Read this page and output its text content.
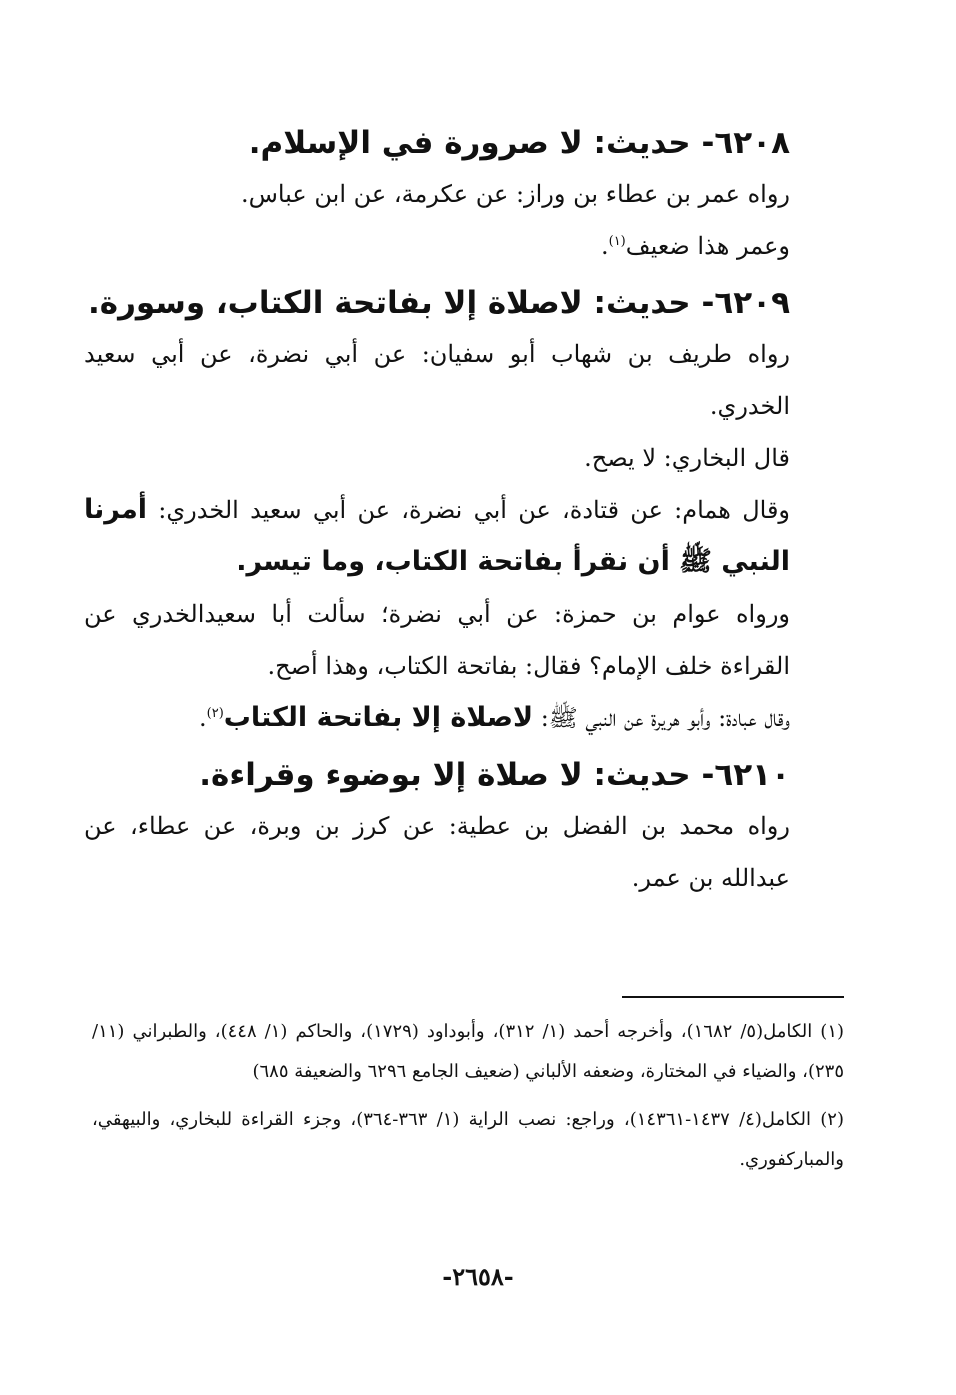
٦٢٠٨- حديث: لا صرورة في الإسلام.

رواه عمر بن عطاء بن وراز: عن عكرمة، عن ابن عباس.

وعمر هذا ضعيف$^{(١)}$.

٦٢٠٩- حديث: لاصلاة إلا بفاتحة الكتاب، وسورة.

رواه طريف بن شهاب أبو سفيان: عن أبي نضرة، عن أبي سعيد الخدري.

قال البخاري: لا يصح.

وقال همام: عن قتادة، عن أبي نضرة، عن أبي سعيد الخدري: أمرنا النبي ﷺ أن نقرأ بفاتحة الكتاب، وما تيسر.

ورواه عوام بن حمزة: عن أبي نضرة؛ سألت أبا سعيدالخدري عن القراءة خلف الإمام؟ فقال: بفاتحة الكتاب، وهذا أصح.

وقال عبادة: وأبو هريرة عن النبي ﷺ: لاصلاة إلا بفاتحة الكتاب$^{(٢)}$.

٦٢١٠- حديث: لا صلاة إلا بوضوء وقراءة.

رواه محمد بن الفضل بن عطية: عن كرز بن وبرة، عن عطاء، عن عبدالله بن عمر.

(١) الكامل(٥/ ١٦٨٢)، وأخرجه أحمد (١/ ٣١٢)، وأبوداود (١٧٢٩)، والحاكم (١/ ٤٤٨)، والطبراني (١١/ ٢٣٥)، والضياء في المختارة، وضعفه الألباني (ضعيف الجامع ٦٢٩٦ والضعيفة ٦٨٥)

(٢) الكامل(٤/ ١٤٣٧-١٤٣٦١)، وراجع: نصب الراية (١/ ٣٦٣-٣٦٤)، وجزء القراءة للبخاري، والبيهقي، والمباركفوري.

-٢٦٥٨-
